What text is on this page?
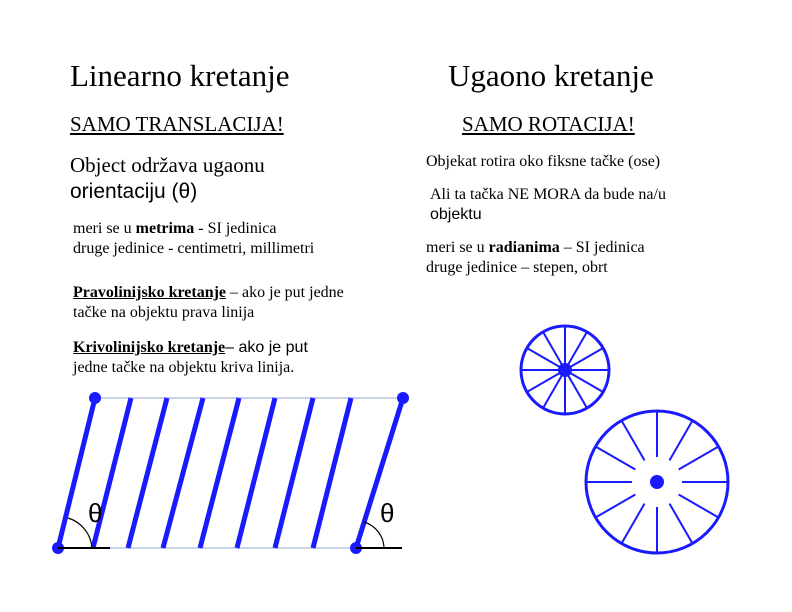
Linearno kretanje
SAMO TRANSLACIJA!
Object održava ugaonu
orientaciju (θ)
meri se u metrima - SI jedinica
druge jedinice - centimetri, millimetri
Pravolinijsko kretanje – ako je put jedne
tačke na objektu prava linija
Krivolinijsko kretanje– ako je put
jedne tačke na objektu kriva linija.
Ugaono kretanje
SAMO ROTACIJA!
Objekat rotira oko fiksne tačke (ose)
Ali ta tačka NE MORA da bude na/u
objektu
meri se u radianima – SI jedinica
druge jedinice – stepen, obrt
θ	θ
